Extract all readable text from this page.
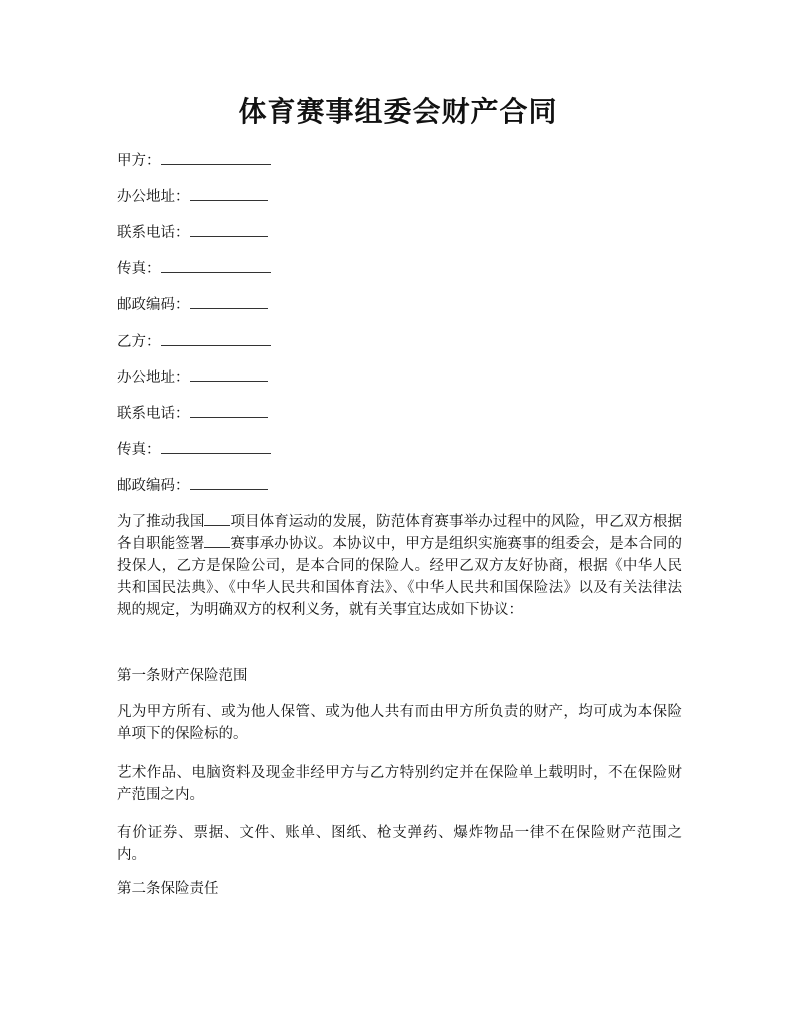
体育赛事组委会财产合同
甲方：
办公地址：
联系电话：
传真：
邮政编码：
乙方：
办公地址：
联系电话：
传真：
邮政编码：

为了推动我国 项目体育运动的发展，防范体育赛事举办过程中的风险，甲乙双方根据各自职能签署 赛事承办协议。本协议中，甲方是组织实施赛事的组委会，是本合同的投保人，乙方是保险公司，是本合同的保险人。经甲乙双方友好协商，根据《中华人民共和国民法典》、《中华人民共和国体育法》、《中华人民共和国保险法》以及有关法律法规的规定，为明确双方的权利义务，就有关事宜达成如下协议：

第一条财产保险范围

凡为甲方所有、或为他人保管、或为他人共有而由甲方所负责的财产，均可成为本保险单项下的保险标的。

艺术作品、电脑资料及现金非经甲方与乙方特别约定并在保险单上载明时，不在保险财产范围之内。

有价证券、票据、文件、账单、图纸、枪支弹药、爆炸物品一律不在保险财产范围之内。

第二条保险责任
